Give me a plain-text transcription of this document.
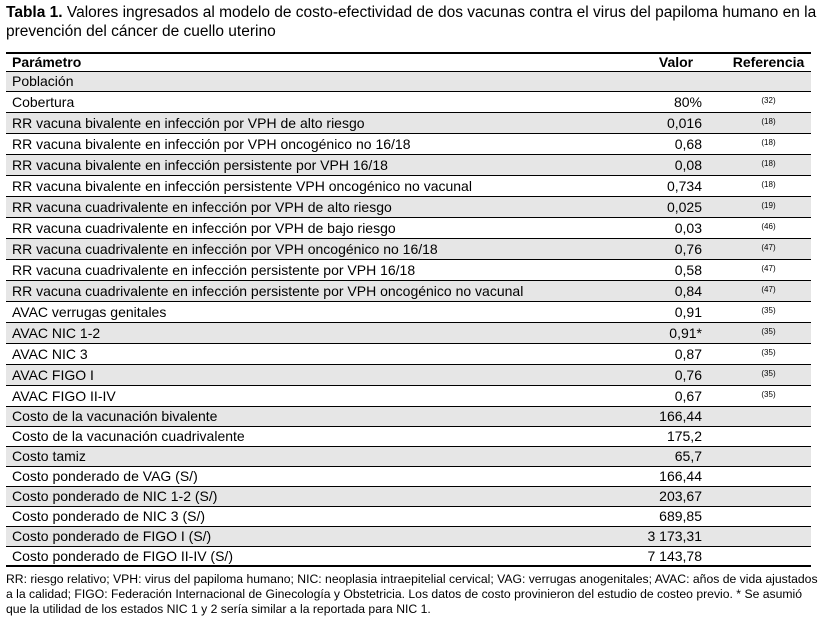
Tabla 1. Valores ingresados al modelo de costo-efectividad de dos vacunas contra el virus del papiloma humano en la prevención del cáncer de cuello uterino
Parámetro	Valor	Referencia
Población		
Cobertura	80%	(32)
RR vacuna bivalente en infección por VPH de alto riesgo	0,016	(18)
RR vacuna bivalente en infección por VPH oncogénico no 16/18	0,68	(18)
RR vacuna bivalente en infección persistente por VPH 16/18	0,08	(18)
RR vacuna bivalente en infección persistente VPH oncogénico no vacunal	0,734	(18)
RR vacuna cuadrivalente en infección por VPH de alto riesgo	0,025	(19)
RR vacuna cuadrivalente en infección por VPH de bajo riesgo	0,03	(46)
RR vacuna cuadrivalente en infección por VPH oncogénico no 16/18	0,76	(47)
RR vacuna cuadrivalente en infección persistente por VPH 16/18	0,58	(47)
RR vacuna cuadrivalente en infección persistente por VPH oncogénico no vacunal	0,84	(47)
AVAC verrugas genitales	0,91	(35)
AVAC NIC 1-2	0,91*	(35)
AVAC NIC 3	0,87	(35)
AVAC FIGO I	0,76	(35)
AVAC FIGO II-IV	0,67	(35)
Costo de la vacunación bivalente	166,44	
Costo de la vacunación cuadrivalente	175,2	
Costo tamiz	65,7	
Costo ponderado de VAG (S/)	166,44	
Costo ponderado de NIC 1-2 (S/)	203,67	
Costo ponderado de NIC 3 (S/)	689,85	
Costo ponderado de FIGO I (S/)	3 173,31	
Costo ponderado de FIGO II-IV (S/)	7 143,78	
RR: riesgo relativo; VPH: virus del papiloma humano; NIC: neoplasia intraepitelial cervical; VAG: verrugas anogenitales; AVAC: años de vida ajustados a la calidad; FIGO: Federación Internacional de Ginecología y Obstetricia. Los datos de costo provinieron del estudio de costeo previo. * Se asumió que la utilidad de los estados NIC 1 y 2 sería similar a la reportada para NIC 1.
